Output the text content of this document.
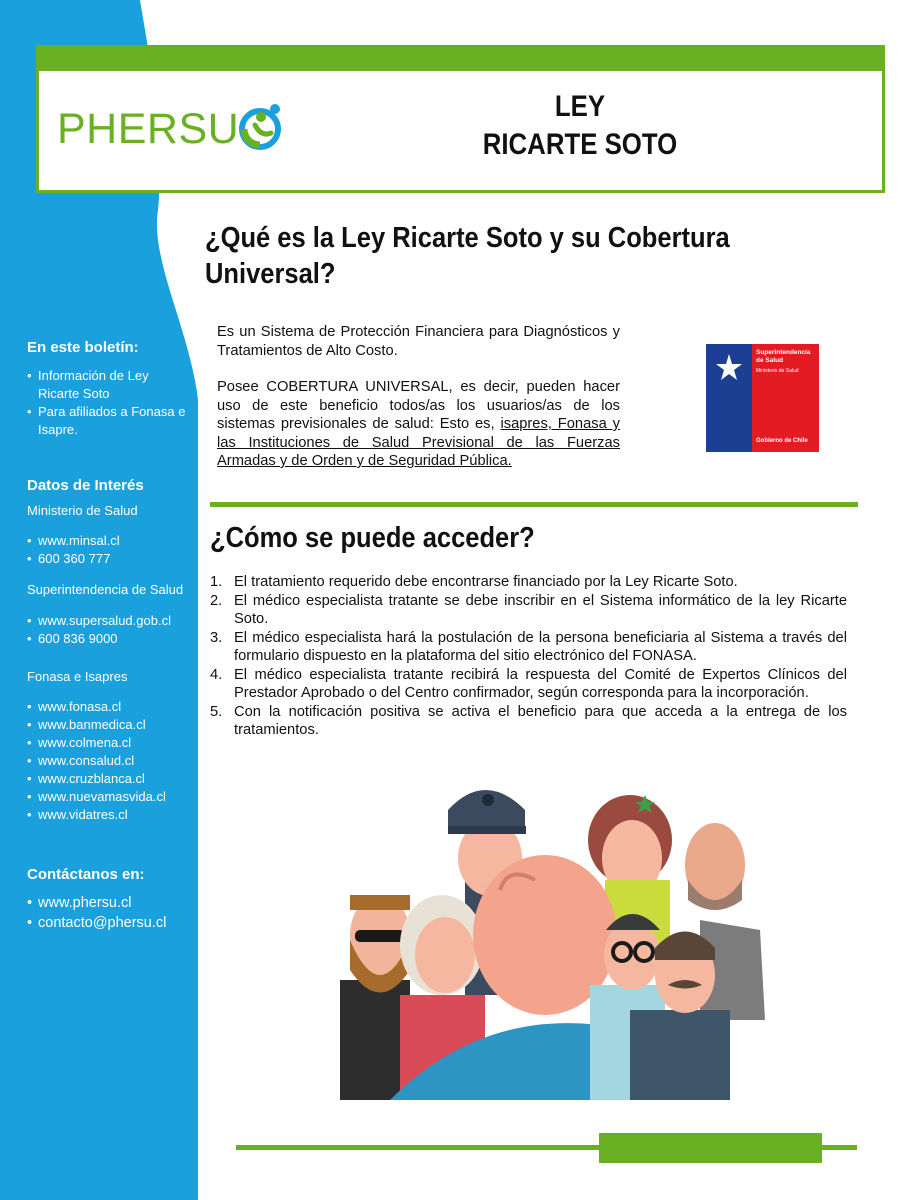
PHERSU	LEY
RICARTE SOTO
En este boletín:
• Información de Ley Ricarte Soto
• Para afiliados a Fonasa e Isapre.
Datos de Interés
Ministerio de Salud
• www.minsal.cl
• 600 360 777
Superintendencia de Salud
• www.supersalud.gob.cl
• 600 836 9000
Fonasa e Isapres
• www.fonasa.cl
• www.banmedica.cl
• www.colmena.cl
• www.consalud.cl
• www.cruzblanca.cl
• www.nuevamasvida.cl
• www.vidatres.cl
Contáctanos en:
• www.phersu.cl
• contacto@phersu.cl
¿Qué es la Ley Ricarte Soto y su Cobertura
Universal?

Es un Sistema de Protección Financiera para Diagnósticos y Tratamientos de Alto Costo.

Posee COBERTURA UNIVERSAL, es decir, pueden hacer uso de este beneficio todos/as los usuarios/as de los sistemas previsionales de salud: Esto es, isapres, Fonasa y las Instituciones de Salud Previsional de las Fuerzas Armadas y de Orden y de Seguridad Pública.

Superintendencia
de Salud
Ministerio de Salud
Gobierno de Chile
¿Cómo se puede acceder?
1. El tratamiento requerido debe encontrarse financiado por la Ley Ricarte Soto.
2. El médico especialista tratante se debe inscribir en el Sistema informático de la ley Ricarte Soto.
3. El médico especialista hará la postulación de la persona beneficiaria al Sistema a través del formulario dispuesto en la plataforma del sitio electrónico del FONASA.
4. El médico especialista tratante recibirá la respuesta del Comité de Expertos Clínicos del Prestador Aprobado o del Centro confirmador, según corresponda para la incorporación.
5. Con la notificación positiva se activa el beneficio para que acceda a la entrega de los tratamientos.
